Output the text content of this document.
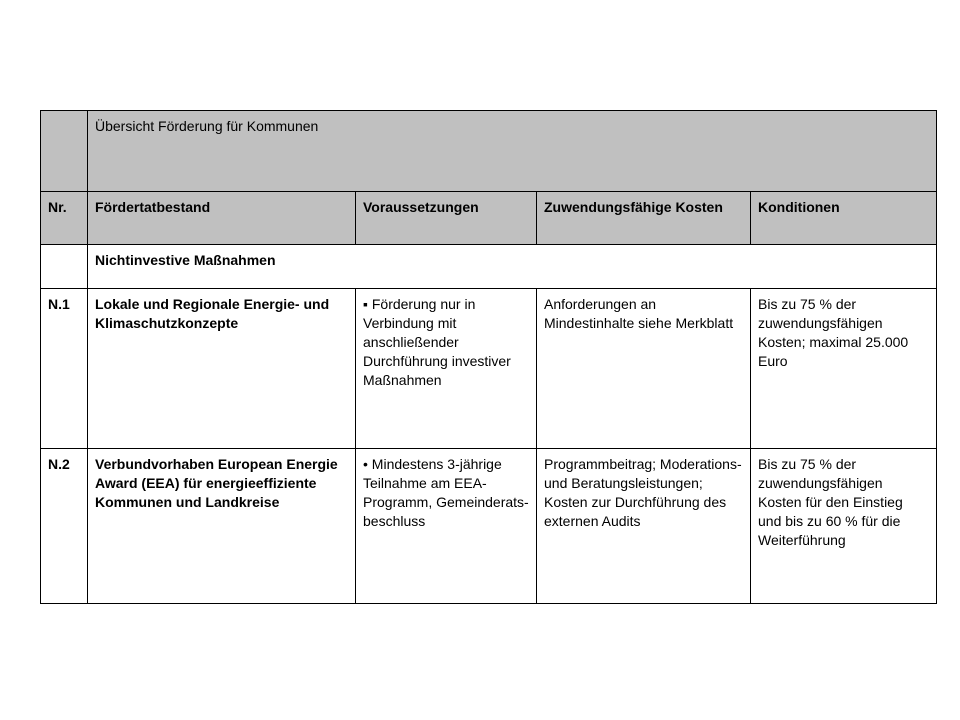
	Übersicht Förderung für Kommunen			
Nr.	Fördertatbestand	Voraussetzungen	Zuwendungsfähige Kosten	Konditionen
	Nichtinvestive Maßnahmen			
N.1	Lokale und Regionale Energie- und Klimaschutzkonzepte	▪ Förderung nur in Verbindung mit anschließender Durchführung investiver Maßnahmen	Anforderungen an Mindestinhalte siehe Merkblatt	Bis zu 75 % der zuwendungsfähigen Kosten; maximal 25.000 Euro
N.2	Verbundvorhaben European Energie Award (EEA) für energieeffiziente Kommunen und Landkreise	• Mindestens 3-jährige Teilnahme am EEA-Programm, Gemeinderats-beschluss	Programmbeitrag; Moderations- und Beratungsleistungen; Kosten zur Durchführung des externen Audits	Bis zu 75 % der zuwendungsfähigen Kosten für den Einstieg und bis zu 60 % für die Weiterführung
